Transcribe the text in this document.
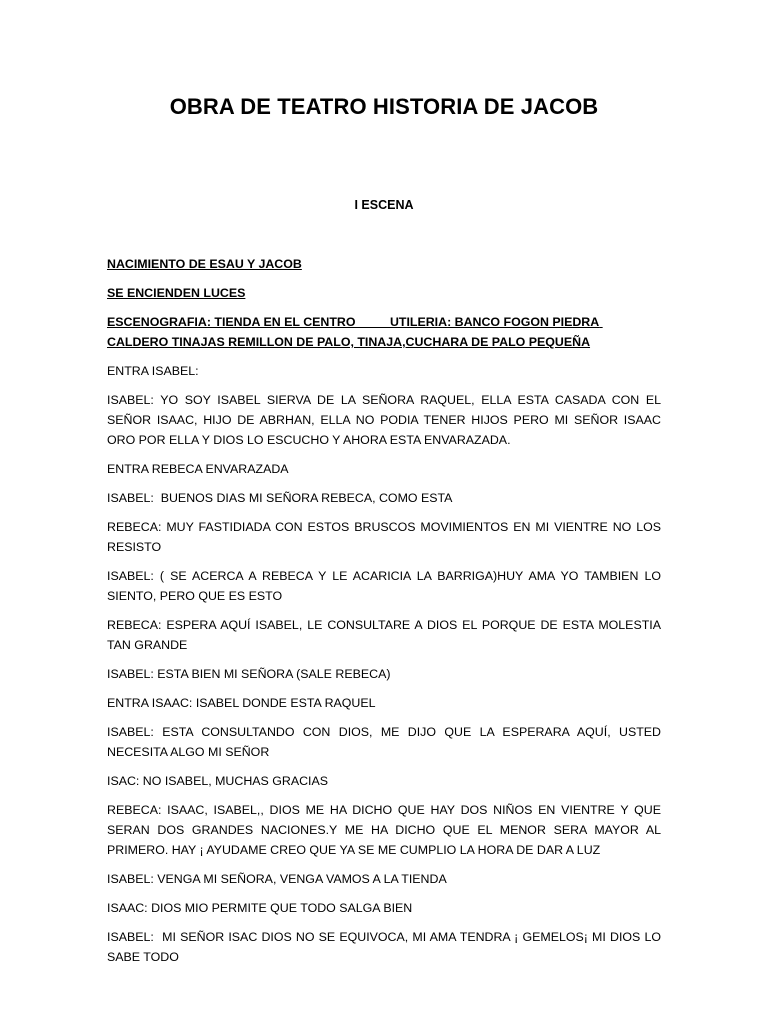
OBRA DE TEATRO HISTORIA DE JACOB
I ESCENA

NACIMIENTO DE ESAU Y JACOB

SE ENCIENDEN LUCES

ESCENOGRAFIA: TIENDA EN EL CENTRO          UTILERIA: BANCO FOGON PIEDRA CALDERO TINAJAS REMILLON DE PALO, TINAJA,CUCHARA DE PALO PEQUEÑA

ENTRA ISABEL:

ISABEL: YO SOY ISABEL SIERVA DE LA SEÑORA RAQUEL, ELLA ESTA CASADA CON EL SEÑOR ISAAC, HIJO DE ABRHAN, ELLA NO PODIA TENER HIJOS PERO MI SEÑOR ISAAC ORO POR ELLA Y DIOS LO ESCUCHO Y AHORA ESTA ENVARAZADA.

ENTRA REBECA ENVARAZADA

ISABEL:  BUENOS DIAS MI SEÑORA REBECA, COMO ESTA

REBECA: MUY FASTIDIADA CON ESTOS BRUSCOS MOVIMIENTOS EN MI VIENTRE NO LOS RESISTO

ISABEL: ( SE ACERCA A REBECA Y LE ACARICIA LA BARRIGA)HUY AMA YO TAMBIEN LO SIENTO, PERO QUE ES ESTO

REBECA: ESPERA AQUÍ ISABEL, LE CONSULTARE A DIOS EL PORQUE DE ESTA MOLESTIA TAN GRANDE

ISABEL: ESTA BIEN MI SEÑORA (SALE REBECA)

ENTRA ISAAC: ISABEL DONDE ESTA RAQUEL

ISABEL: ESTA CONSULTANDO CON DIOS, ME DIJO QUE LA ESPERARA AQUÍ, USTED NECESITA ALGO MI SEÑOR

ISAC: NO ISABEL, MUCHAS GRACIAS

REBECA: ISAAC, ISABEL,, DIOS ME HA DICHO QUE HAY DOS NIÑOS EN VIENTRE Y QUE SERAN DOS GRANDES NACIONES.Y ME HA DICHO QUE EL MENOR SERA MAYOR AL PRIMERO. HAY ¡ AYUDAME CREO QUE YA SE ME CUMPLIO LA HORA DE DAR A LUZ

ISABEL: VENGA MI SEÑORA, VENGA VAMOS A LA TIENDA

ISAAC: DIOS MIO PERMITE QUE TODO SALGA BIEN

ISABEL:  MI SEÑOR ISAC DIOS NO SE EQUIVOCA, MI AMA TENDRA ¡ GEMELOS¡ MI DIOS LO SABE TODO
